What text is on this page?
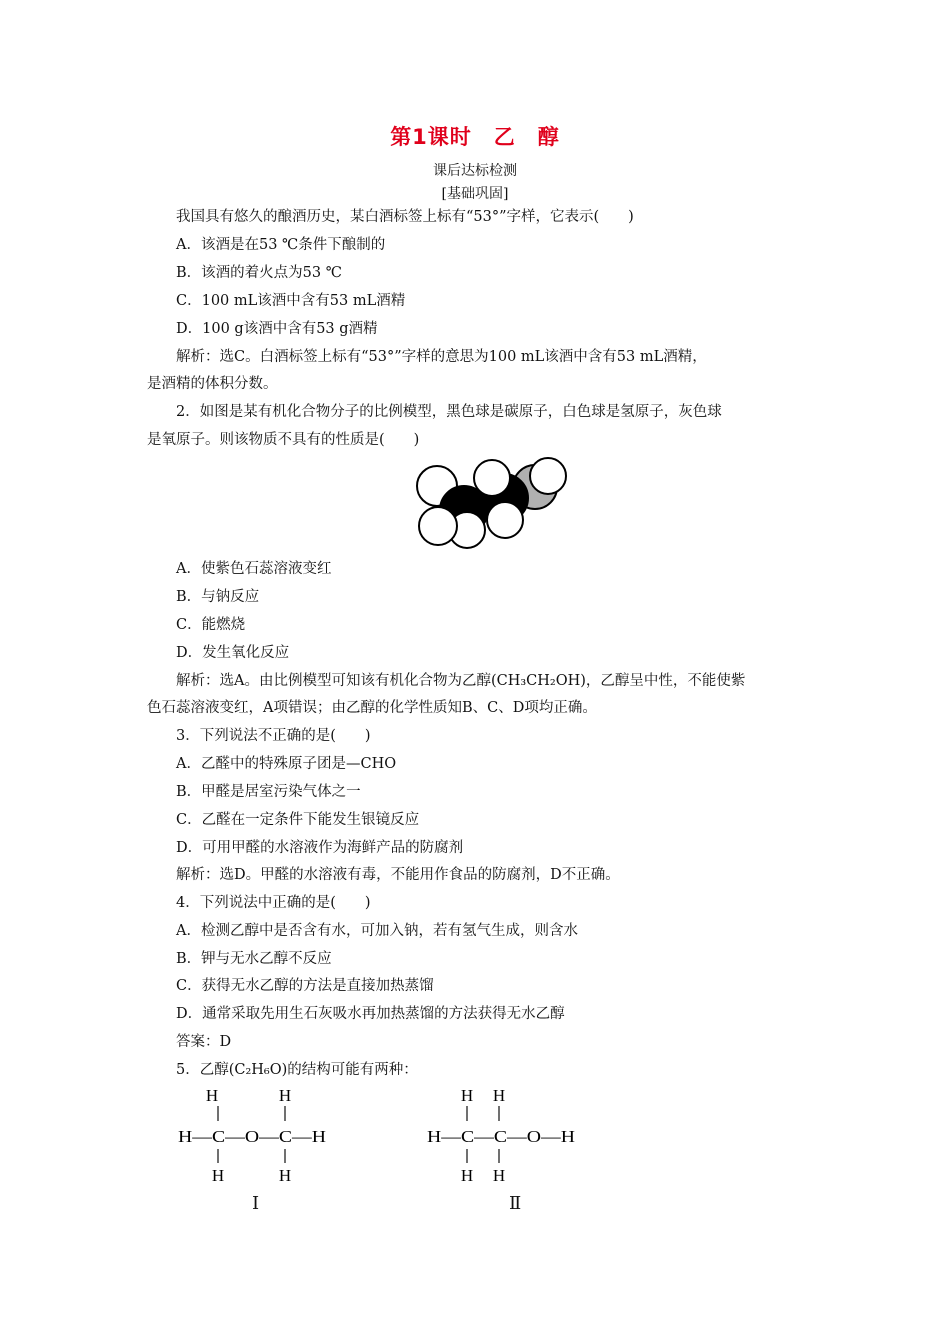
第1课时　乙　醇
课后达标检测
[基础巩固]
我国具有悠久的酿酒历史，某白酒标签上标有“53°”字样，它表示(　　)
A．该酒是在53 ℃条件下酿制的
B．该酒的着火点为53 ℃
C．100 mL该酒中含有53 mL酒精
D．100 g该酒中含有53 g酒精
解析：选C。白酒标签上标有“53°”字样的意思为100 mL该酒中含有53 mL酒精，
是酒精的体积分数。
2．如图是某有机化合物分子的比例模型，黑色球是碳原子，白色球是氢原子，灰色球
是氧原子。则该物质不具有的性质是(　　)
A．使紫色石蕊溶液变红
B．与钠反应
C．能燃烧
D．发生氧化反应
解析：选A。由比例模型可知该有机化合物为乙醇(CH₃CH₂OH)，乙醇呈中性，不能使紫
色石蕊溶液变红，A项错误；由乙醇的化学性质知B、C、D项均正确。
3．下列说法不正确的是(　　)
A．乙醛中的特殊原子团是—CHO
B．甲醛是居室污染气体之一
C．乙醛在一定条件下能发生银镜反应
D．可用甲醛的水溶液作为海鲜产品的防腐剂
解析：选D。甲醛的水溶液有毒，不能用作食品的防腐剂，D不正确。
4．下列说法中正确的是(　　)
A．检测乙醇中是否含有水，可加入钠，若有氢气生成，则含水
B．钾与无水乙醇不反应
C．获得无水乙醇的方法是直接加热蒸馏
D．通常采取先用生石灰吸水再加热蒸馏的方法获得无水乙醇
答案：D
5．乙醇(C₂H₆O)的结构可能有两种：
H	H
H—C—O—C—H
H	H
H H
H—C—C—O—H
H H
Ⅰ	Ⅱ
